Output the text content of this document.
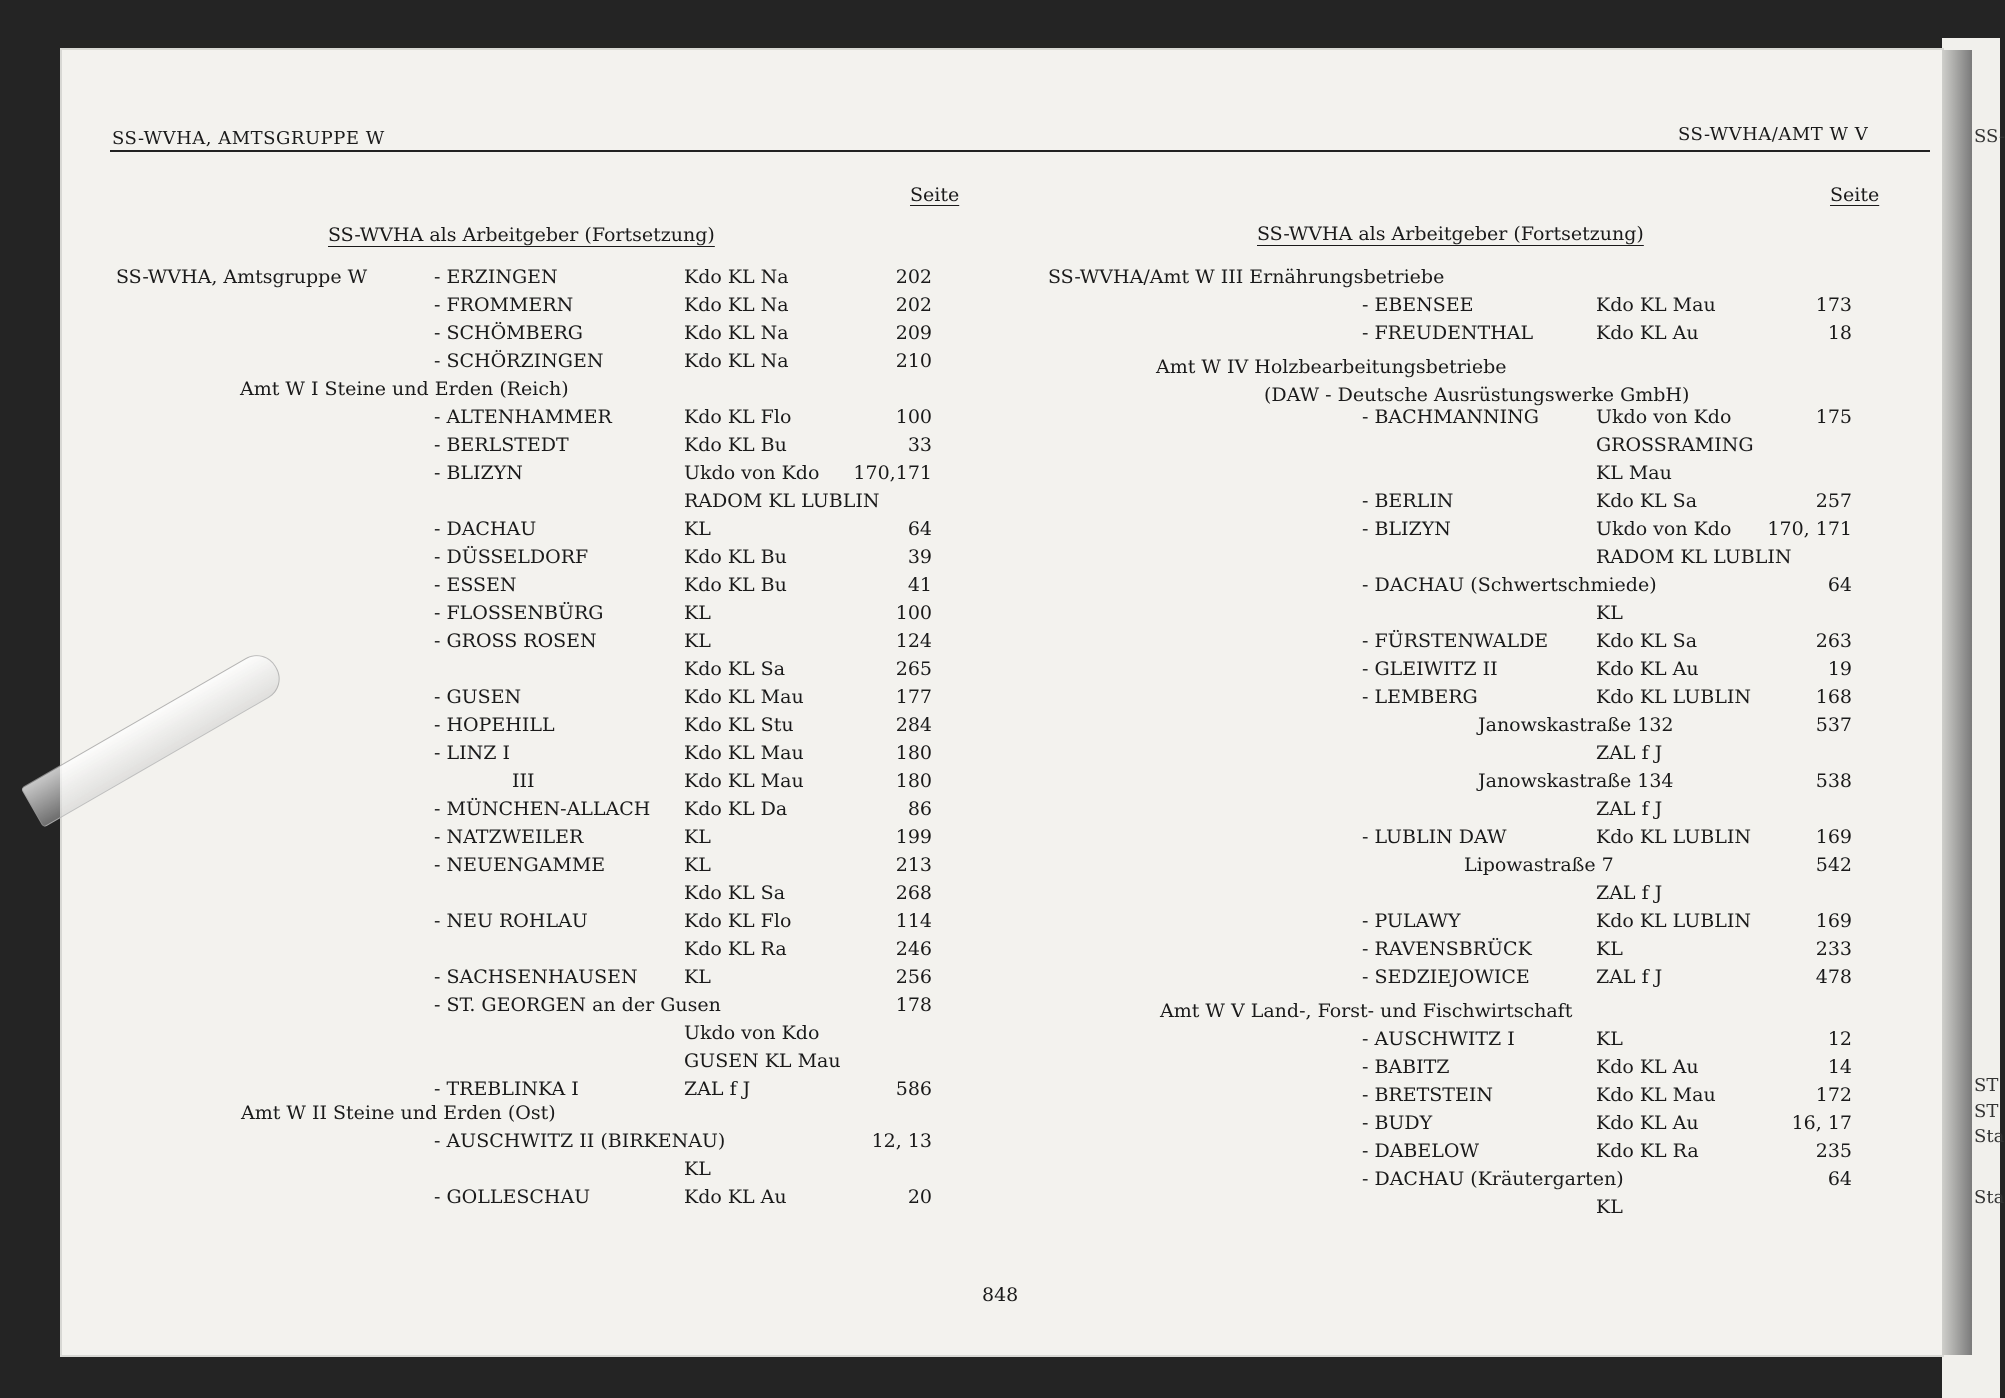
SS-WVHA, AMTSGRUPPE W	SS-WVHA/AMT W V
Seite	Seite
SS-WVHA als Arbeitgeber (Fortsetzung)	SS-WVHA als Arbeitgeber (Fortsetzung)
SS-WVHA, Amtsgruppe W
Amt W I Steine und Erden (Reich)
Amt W II Steine und Erden (Ost)
SS-WVHA/Amt W III Ernährungsbetriebe
Amt W IV Holzbearbeitungsbetriebe
(DAW - Deutsche Ausrüstungswerke GmbH)
Amt W V Land-, Forst- und Fischwirtschaft
- ERZINGEN	Kdo KL Na	202
- FROMMERN	Kdo KL Na	202
- SCHÖMBERG	Kdo KL Na	209
- SCHÖRZINGEN	Kdo KL Na	210
- ALTENHAMMER	Kdo KL Flo	100
- BERLSTEDT	Kdo KL Bu	33
- BLIZYN	Ukdo von Kdo	170,171
RADOM KL LUBLIN
- DACHAU	KL	64
- DÜSSELDORF	Kdo KL Bu	39
- ESSEN	Kdo KL Bu	41
- FLOSSENBÜRG	KL	100
- GROSS ROSEN	KL	124
Kdo KL Sa	265
- GUSEN	Kdo KL Mau	177
- HOPEHILL	Kdo KL Stu	284
- LINZ I	Kdo KL Mau	180
III	Kdo KL Mau	180
- MÜNCHEN-ALLACH Kdo KL Da	86
- NATZWEILER	KL	199
- NEUENGAMME	KL	213
Kdo KL Sa	268
- NEU ROHLAU	Kdo KL Flo	114
Kdo KL Ra	246
- SACHSENHAUSEN KL	256
- ST. GEORGEN an der Gusen	178
Ukdo von Kdo
GUSEN KL Mau
- TREBLINKA I	ZAL f J	586
- AUSCHWITZ II (BIRKENAU)	12, 13
KL
- GOLLESCHAU	Kdo KL Au	20
- EBENSEE	Kdo KL Mau	173
- FREUDENTHAL	Kdo KL Au	18
- BACHMANNING	Ukdo von Kdo	175
GROSSRAMING
KL Mau
- BERLIN	Kdo KL Sa	257
- BLIZYN	Ukdo von Kdo	170, 171
RADOM KL LUBLIN
- DACHAU (Schwertschmiede)	64
KL
- FÜRSTENWALDE	Kdo KL Sa	263
- GLEIWITZ II	Kdo KL Au	19
- LEMBERG	Kdo KL LUBLIN	168
Janowskastraße 132	537
ZAL f J
Janowskastraße 134	538
ZAL f J
- LUBLIN DAW	Kdo KL LUBLIN	169
Lipowastraße 7	542
ZAL f J
- PULAWY	Kdo KL LUBLIN	169
- RAVENSBRÜCK	KL	233
- SEDZIEJOWICE	ZAL f J	478
- AUSCHWITZ I	KL	12
- BABITZ	Kdo KL Au	14
- BRETSTEIN	Kdo KL Mau	172
- BUDY	Kdo KL Au	16, 17
- DABELOW	Kdo KL Ra	235
- DACHAU (Kräutergarten)	64
KL
848
SS-
ST
ST
Sta
Sta
